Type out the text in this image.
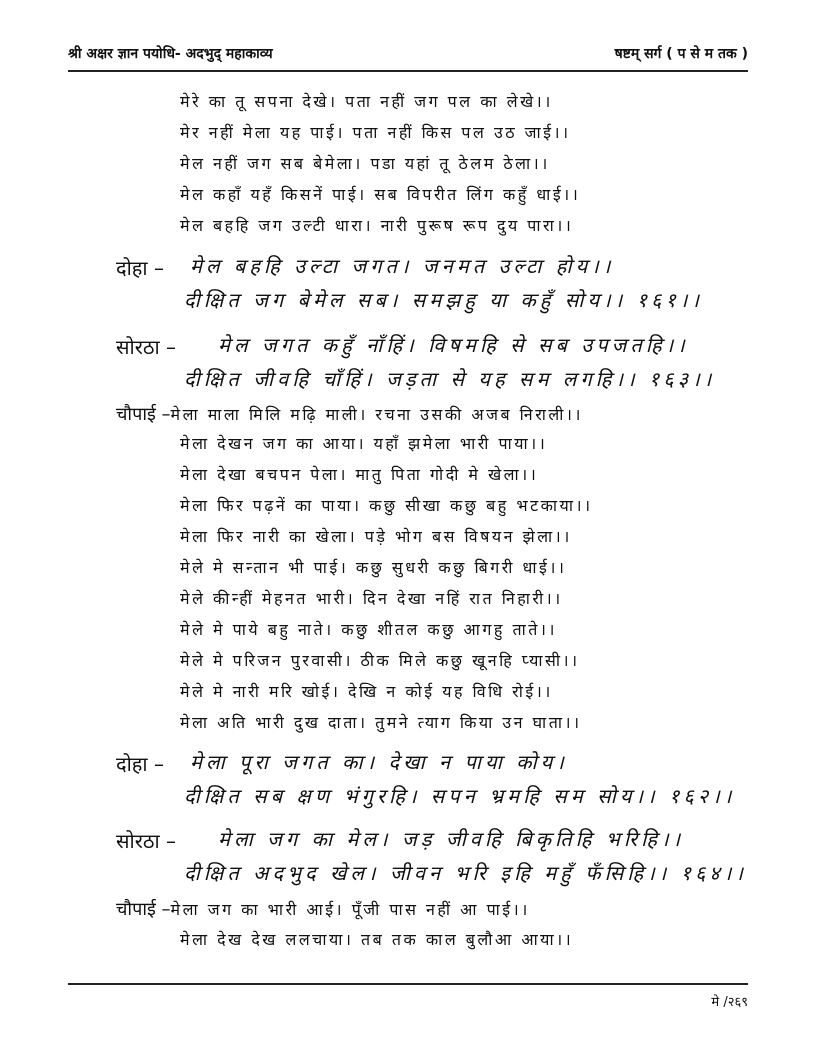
श्री अक्षर ज्ञान पयोधि- अदभुद् महाकाव्य	षष्टम् सर्ग ( प से म तक )
मेरे का तू सपना देखे। पता नहीं जग पल का लेखे।।
मेर नहीं मेला यह पाई। पता नहीं किस पल उठ जाई।।
मेल नहीं जग सब बेमेला। पडा यहां तू ठेलम ठेला।।
मेल कहाँ यहँ किसनें पाई। सब विपरीत लिंग कहुँ धाई।।
मेल बहहि जग उल्टी धारा। नारी पुरूष रूप दुय पारा।।
दोहा – मेल बहहि उल्टा जगत। जनमत उल्टा होय।।
दीक्षित जग बेमेल सब। समझहु या कहुँ सोय।। १६१।।
सोरठा – मेल जगत कहुँ नाँहिं। विषमहि से सब उपजतहि।।
दीक्षित जीवहि चाँहिं। जड़ता से यह सम लगहि।। १६३।।
चौपाई –मेला माला मिलि मढ़ि माली। रचना उसकी अजब निराली।।
मेला देखन जग का आया। यहाँ झमेला भारी पाया।।
मेला देखा बचपन पेला। मातु पिता गोदी मे खेला।।
मेला फिर पढ़नें का पाया। कछु सीखा कछु बहु भटकाया।।
मेला फिर नारी का खेला। पड़े भोग बस विषयन झेला।।
मेले मे सन्तान भी पाई। कछु सुधरी कछु बिगरी धाई।।
मेले कीन्हीं मेहनत भारी। दिन देखा नहिं रात निहारी।।
मेले मे पाये बहु नाते। कछु शीतल कछु आगहु ताते।।
मेले मे परिजन पुरवासी। ठीक मिले कछु खूनहि प्यासी।।
मेले मे नारी मरि खोई। देखि न कोई यह विधि रोई।।
मेला अति भारी दुख दाता। तुमने त्याग किया उन घाता।।
दोहा – मेला पूरा जगत का। देखा न पाया कोय।
दीक्षित सब क्षण भंगुरहि। सपन भ्रमहि सम सोय।। १६२।।
सोरठा – मेला जग का मेल। जड़ जीवहि बिकृतिहि भरिहि।।
दीक्षित अदभुद खेल। जीवन भरि इहि महुँ फँसिहि।। १६४।।
चौपाई –मेला जग का भारी आई। पूँजी पास नहीं आ पाई।।
मेला देख देख ललचाया। तब तक काल बुलौआ आया।।
मे /२६९
